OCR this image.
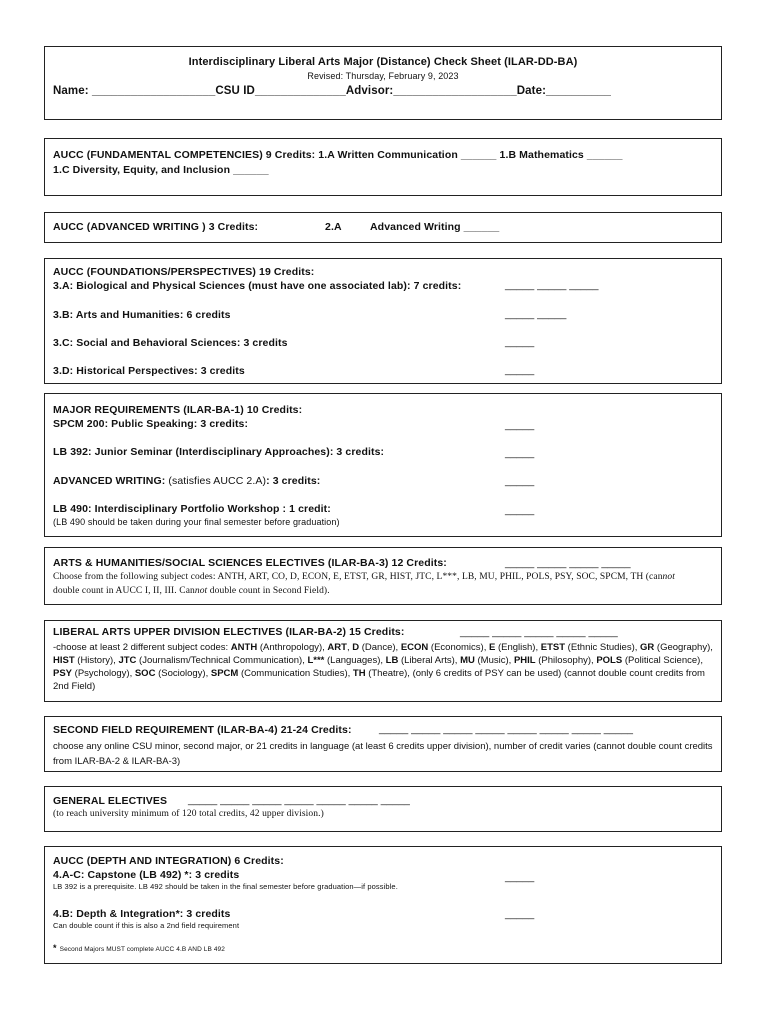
Interdisciplinary Liberal Arts Major (Distance) Check Sheet (ILAR-DD-BA)
Revised: Thursday, February 9, 2023
Name: ___________________CSU ID______________Advisor:___________________Date:__________
AUCC (FUNDAMENTAL COMPETENCIES) 9 Credits: 1.A Written Communication ______ 1.B Mathematics ______
1.C Diversity, Equity, and Inclusion ______
AUCC (ADVANCED WRITING ) 3 Credits:	2.A	Advanced Writing ______
AUCC (FOUNDATIONS/PERSPECTIVES) 19 Credits:
3.A: Biological and Physical Sciences (must have one associated lab): 7 credits:	_____ _____ _____
3.B: Arts and Humanities: 6 credits	_____ _____
3.C: Social and Behavioral Sciences: 3 credits	_____
3.D: Historical Perspectives: 3 credits	_____
MAJOR REQUIREMENTS (ILAR-BA-1) 10 Credits:
SPCM 200: Public Speaking: 3 credits:	_____
LB 392: Junior Seminar (Interdisciplinary Approaches): 3 credits:	_____
ADVANCED WRITING: (satisfies AUCC 2.A): 3 credits:	_____
LB 490: Interdisciplinary Portfolio Workshop : 1 credit:	_____
(LB 490 should be taken during your final semester before graduation)
ARTS & HUMANITIES/SOCIAL SCIENCES ELECTIVES (ILAR-BA-3) 12 Credits:	_____ _____ _____ _____
Choose from the following subject codes: ANTH, ART, CO, D, ECON, E, ETST, GR, HIST, JTC, L***, LB, MU, PHIL, POLS, PSY, SOC, SPCM, TH (cannot
double count in AUCC I, II, III. Cannot double count in Second Field).
LIBERAL ARTS UPPER DIVISION ELECTIVES (ILAR-BA-2) 15 Credits:	_____ _____ _____ _____ _____
-choose at least 2 different subject codes: ANTH (Anthropology), ART, D (Dance), ECON (Economics), E (English), ETST (Ethnic Studies), GR (Geography), HIST (History), JTC (Journalism/Technical Communication), L*** (Languages), LB (Liberal Arts), MU (Music), PHIL (Philosophy), POLS (Political Science), PSY (Psychology), SOC (Sociology), SPCM (Communication Studies), TH (Theatre), (only 6 credits of PSY can be used) (cannot double count credits from 2nd Field)
SECOND FIELD REQUIREMENT (ILAR-BA-4) 21-24 Credits:	_____ _____ _____ _____ _____ _____ _____ _____
choose any online CSU minor, second major, or 21 credits in language (at least 6 credits upper division), number of credit varies (cannot double count credits from ILAR-BA-2 & ILAR-BA-3)
GENERAL ELECTIVES _____ _____ _____ _____ _____ _____ _____
(to reach university minimum of 120 total credits, 42 upper division.)
AUCC (DEPTH AND INTEGRATION) 6 Credits:
4.A-C: Capstone (LB 492) *: 3 credits	_____
LB 392 is a prerequisite. LB 492 should be taken in the final semester before graduation—if possible.
4.B: Depth & Integration*: 3 credits	_____
Can double count if this is also a 2nd field requirement
* Second Majors MUST complete AUCC 4.B AND LB 492
